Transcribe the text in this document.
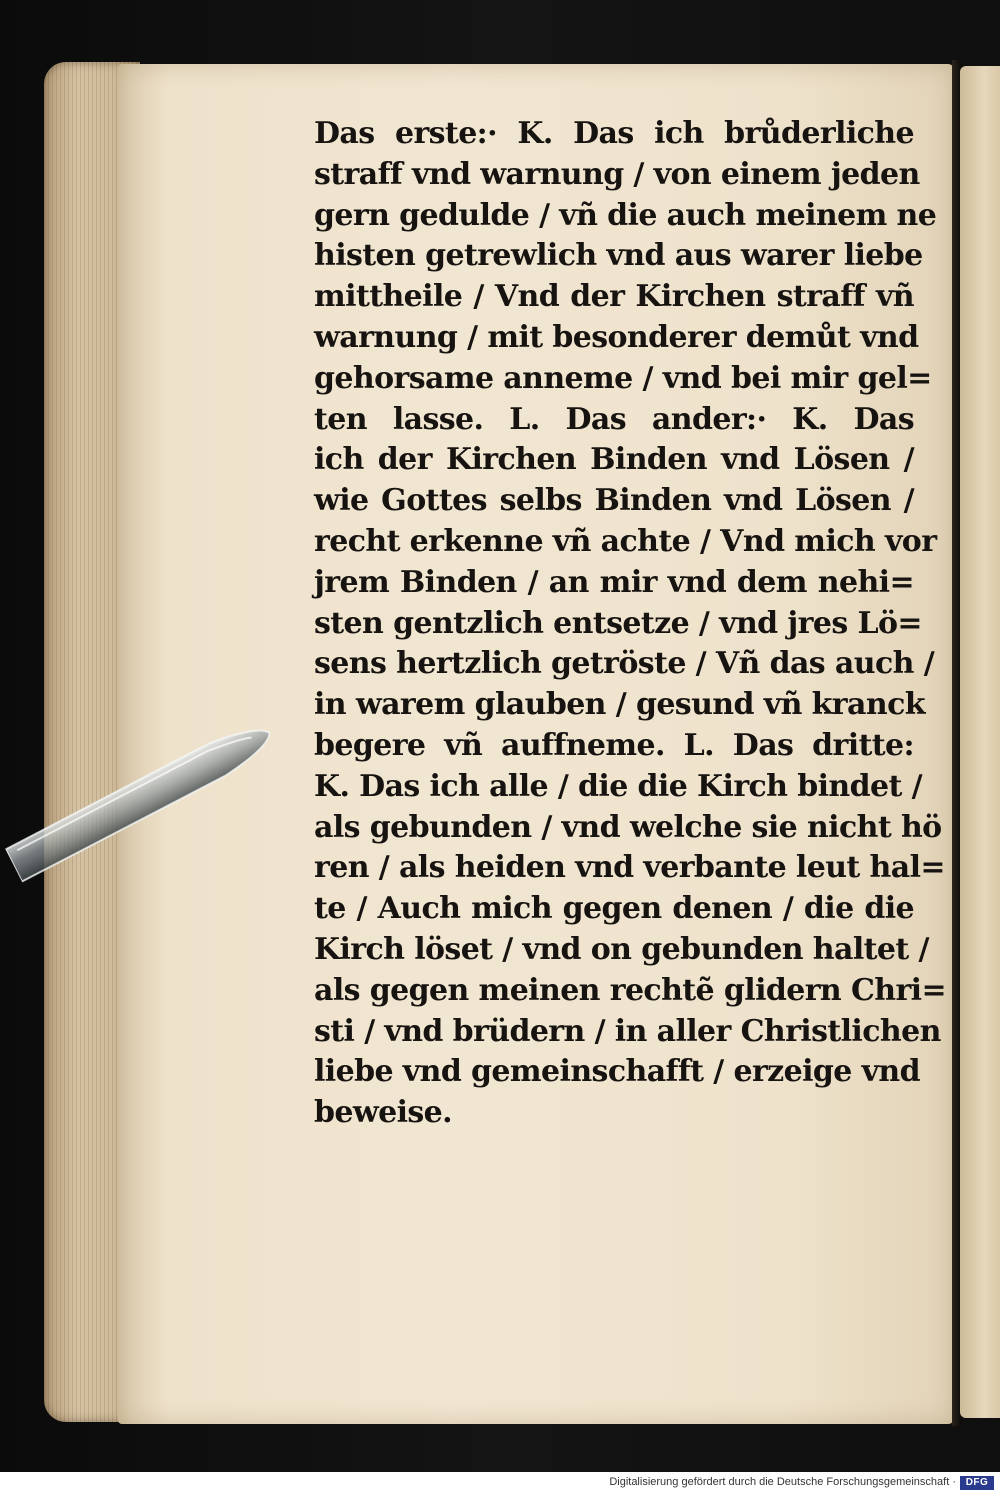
Das erste:· K. Das ich brůderliche
straff vnd warnung / von einem jeden
gern gedulde / vñ die auch meinem ne
histen getrewlich vnd aus warer liebe
mittheile / Vnd der Kirchen straff vñ
warnung / mit besonderer demůt vnd
gehorsame anneme / vnd bei mir gel=
ten lasse. L. Das ander:· K. Das
ich der Kirchen Binden vnd Lösen /
wie Gottes selbs Binden vnd Lösen /
recht erkenne vñ achte / Vnd mich vor
jrem Binden / an mir vnd dem nehi=
sten gentzlich entsetze / vnd jres Lö=
sens hertzlich getröste / Vñ das auch /
in warem glauben / gesund vñ kranck
begere vñ auffneme. L. Das dritte:
K. Das ich alle / die die Kirch bindet /
als gebunden / vnd welche sie nicht hö
ren / als heiden vnd verbante leut hal=
te / Auch mich gegen denen / die die
Kirch löset / vnd on gebunden haltet /
als gegen meinen rechtẽ glidern Chri=
sti / vnd brüdern / in aller Christlichen
liebe vnd gemeinschafft / erzeige vnd
beweise.
Digitalisierung gefördert durch die Deutsche Forschungsgemeinschaft · DFG
